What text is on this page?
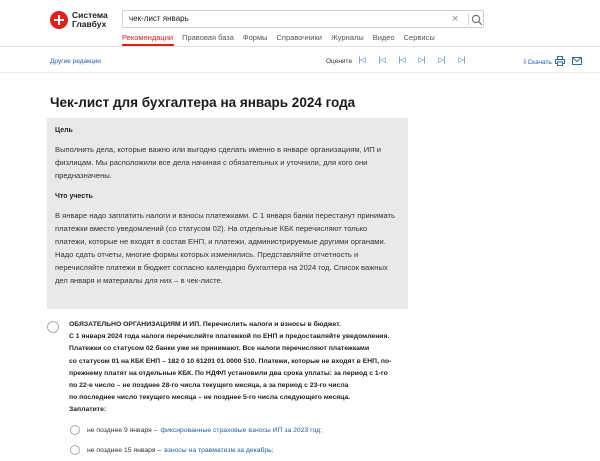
Система
Главбух
чек-лист январь	×
Рекомендации Правовая база Формы Справочники Журналы Видео Сервисы
Другие редакции	Оцените |◁	|◁	|◁	▷|	▷|	▷|	⇩Скачать
Чек-лист для бухгалтера на январь 2024 года
Цель
Выполнить дела, которые важно или выгодно сделать именно в январе организациям, ИП и физлицам. Мы расположили все дела начиная с обязательных и уточнили, для кого они предназначены.
Что учесть
В январе надо заплатить налоги и взносы платежками. С 1 января банки перестанут принимать платежки вместо уведомлений (со статусом 02). На отдельные КБК перечисляют только платежи, которые не входят в состав ЕНП, и платежи, администрируемые другими органами. Надо сдать отчеты, многие формы которых изменились. Представляйте отчетность и перечисляйте платежи в бюджет согласно календарю бухгалтера на 2024 год. Список важных дел января и материалы для них – в чек-листе.

ОБЯЗАТЕЛЬНО ОРГАНИЗАЦИЯМ И ИП. Перечислить налоги и взносы в бюджет.

С 1 января 2024 года налоги перечисляйте платежкой по ЕНП и предоставляйте уведомления.

Платежки со статусом 02 банки уже не принимают. Все налоги перечисляют платежками

со статусом 01 на КБК ЕНП – 182 0 10 61201 01 0000 510. Платежи, которые не входят в ЕНП, по-

прежнему платят на отдельные КБК. По НДФЛ установили два срока уплаты: за период с 1-го

по 22-е число – не позднее 28-го числа текущего месяца, а за период с 23-го числа

по последнее число текущего месяца – не позднее 5-го числа следующего месяца.

Заплатите:

не позднее 9 января – фиксированные страховые взносы ИП за 2023 год;
не позднее 15 января – взносы на травматизм за декабрь;
